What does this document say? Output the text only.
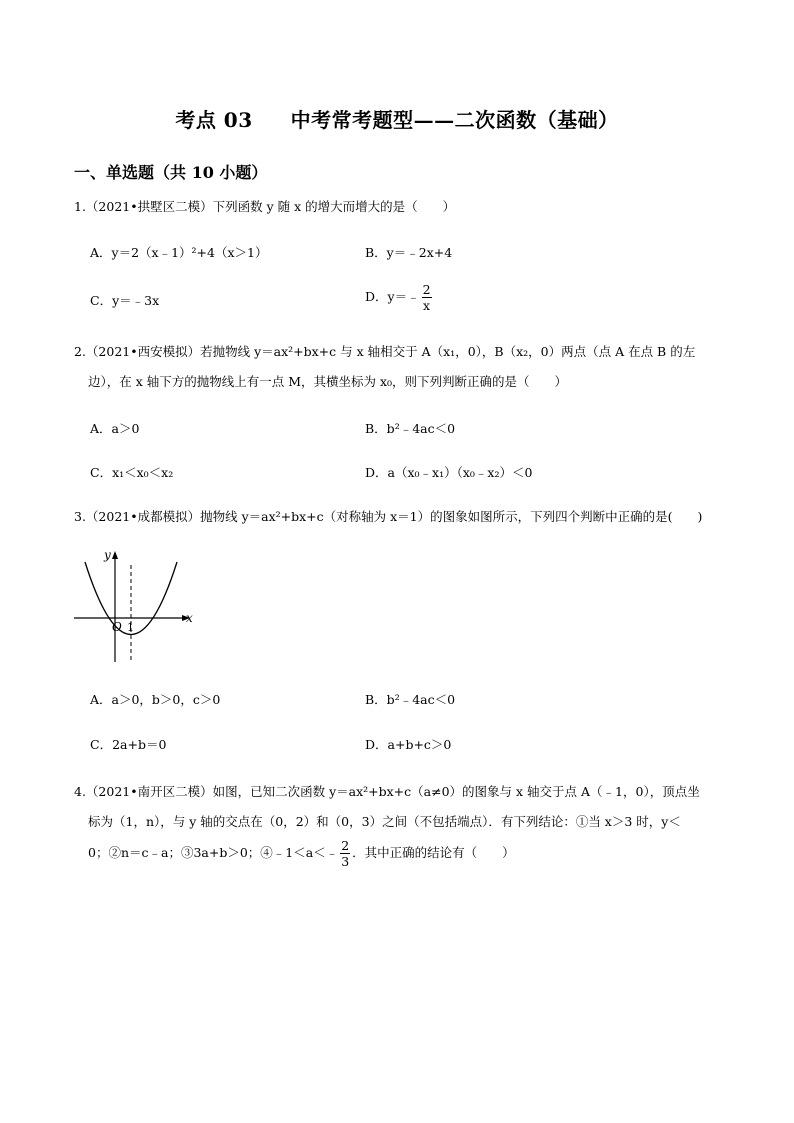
考点 03 中考常考题型——二次函数（基础）
一、单选题（共 10 小题）
1.（2021•拱墅区二模）下列函数 y 随 x 的增大而增大的是（　　）
A．y＝2（x﹣1）²+4（x＞1）	B．y＝﹣2x+4
C．y＝﹣3x	D．y＝﹣ $\frac{2}{x}$
2.（2021•西安模拟）若抛物线 y＝ax²+bx+c 与 x 轴相交于 A（x₁，0），B（x₂，0）两点（点 A 在点 B 的左
边），在 x 轴下方的抛物线上有一点 M，其横坐标为 x₀，则下列判断正确的是（　　）
A．a＞0	B．b²﹣4ac＜0
C．x₁＜x₀＜x₂	D．a（x₀﹣x₁）（x₀﹣x₂）＜0
3.（2021•成都模拟）抛物线 y＝ax²+bx+c（对称轴为 x＝1）的图象如图所示，下列四个判断中正确的是(　　)
y
x
O 1
A．a＞0，b＞0，c＞0	B．b²﹣4ac＜0
C．2a+b＝0	D．a+b+c＞0
4.（2021•南开区二模）如图，已知二次函数 y＝ax²+bx+c（a≠0）的图象与 x 轴交于点 A（﹣1，0），顶点坐
标为（1，n），与 y 轴的交点在（0，2）和（0，3）之间（不包括端点）．有下列结论：①当 x＞3 时，y＜
0；②n＝c﹣a；③3a+b＞0；④﹣1＜a＜﹣ $\frac{2}{3}$ ．其中正确的结论有（　　）
